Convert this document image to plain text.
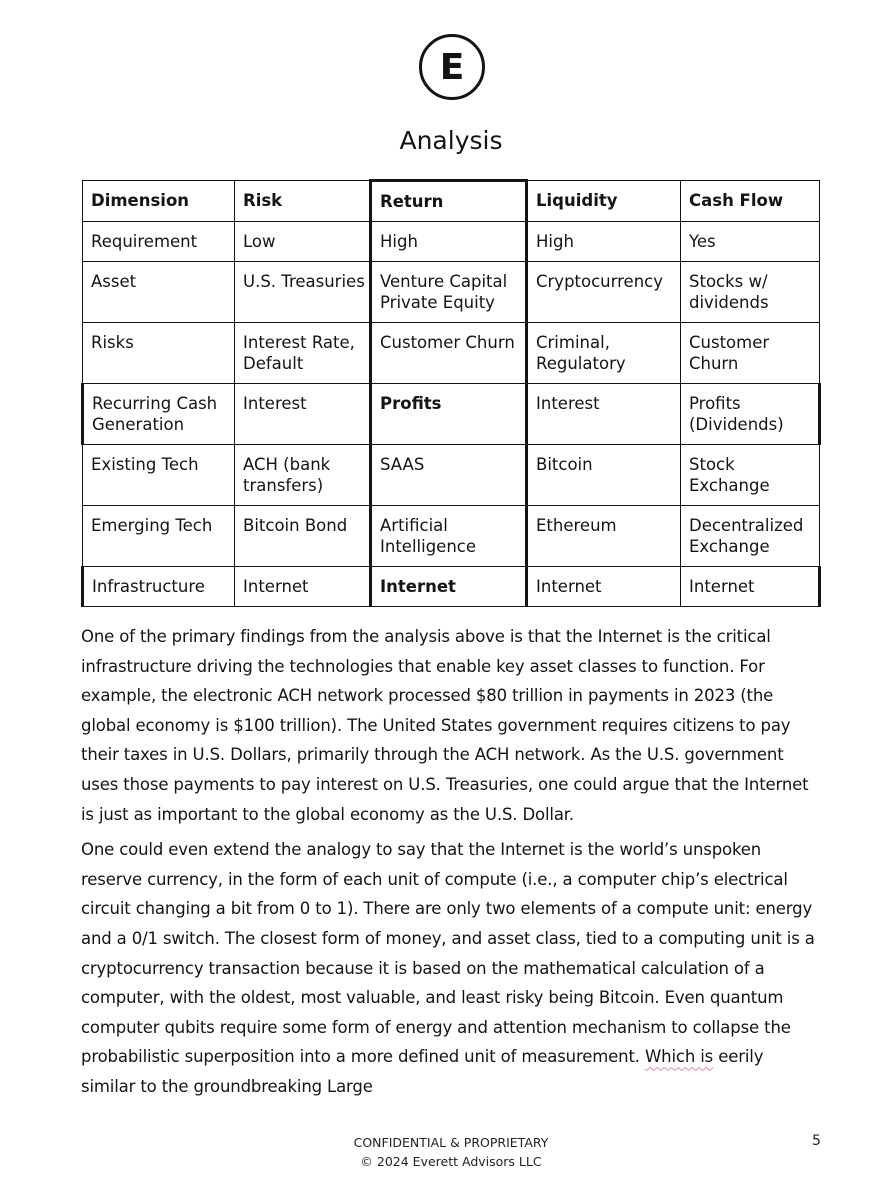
E
Analysis
Dimension	Risk	Return	Liquidity	Cash Flow
Requirement	Low	High	High	Yes
Asset	U.S. Treasuries	Venture Capital Private Equity	Cryptocurrency	Stocks w/ dividends
Risks	Interest Rate, Default	Customer Churn	Criminal, Regulatory	Customer Churn
Recurring Cash Generation	Interest	Profits	Interest	Profits (Dividends)
Existing Tech	ACH (bank transfers)	SAAS	Bitcoin	Stock Exchange
Emerging Tech	Bitcoin Bond	Artificial Intelligence	Ethereum	Decentralized Exchange
Infrastructure	Internet	Internet	Internet	Internet

One of the primary findings from the analysis above is that the Internet is the critical infrastructure driving the technologies that enable key asset classes to function. For example, the electronic ACH network processed $80 trillion in payments in 2023 (the global economy is $100 trillion). The United States government requires citizens to pay their taxes in U.S. Dollars, primarily through the ACH network. As the U.S. government uses those payments to pay interest on U.S. Treasuries, one could argue that the Internet is just as important to the global economy as the U.S. Dollar.

One could even extend the analogy to say that the Internet is the world’s unspoken reserve currency, in the form of each unit of compute (i.e., a computer chip’s electrical circuit changing a bit from 0 to 1). There are only two elements of a compute unit: energy and a 0/1 switch. The closest form of money, and asset class, tied to a computing unit is a cryptocurrency transaction because it is based on the mathematical calculation of a computer, with the oldest, most valuable, and least risky being Bitcoin. Even quantum computer qubits require some form of energy and attention mechanism to collapse the probabilistic superposition into a more defined unit of measurement. Which is eerily similar to the groundbreaking Large

CONFIDENTIAL & PROPRIETARY
© 2024 Everett Advisors LLC
5
